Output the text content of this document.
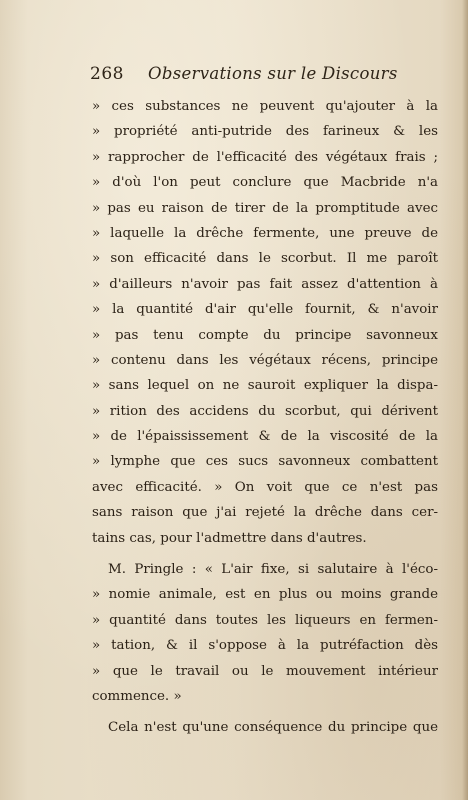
268 Observations sur le Discours
» ces substances ne peuvent qu'ajouter à la
» propriété anti-putride des farineux & les
» rapprocher de l'efficacité des végétaux frais ;
» d'où l'on peut conclure que Macbride n'a
» pas eu raison de tirer de la promptitude avec
» laquelle la drêche fermente, une preuve de
» son efficacité dans le scorbut. Il me paroît
» d'ailleurs n'avoir pas fait assez d'attention à
» la quantité d'air qu'elle fournit, & n'avoir
» pas tenu compte du principe savonneux
» contenu dans les végétaux récens, principe
» sans lequel on ne sauroit expliquer la dispa-
» rition des accidens du scorbut, qui dérivent
» de l'épaississement & de la viscosité de la
» lymphe que ces sucs savonneux combattent
avec efficacité. » On voit que ce n'est pas
sans raison que j'ai rejeté la drêche dans cer-
tains cas, pour l'admettre dans d'autres.
M. Pringle : « L'air fixe, si salutaire à l'éco-
» nomie animale, est en plus ou moins grande
» quantité dans toutes les liqueurs en fermen-
» tation, & il s'oppose à la putréfaction dès
» que le travail ou le mouvement intérieur
commence. »
Cela n'est qu'une conséquence du principe que
